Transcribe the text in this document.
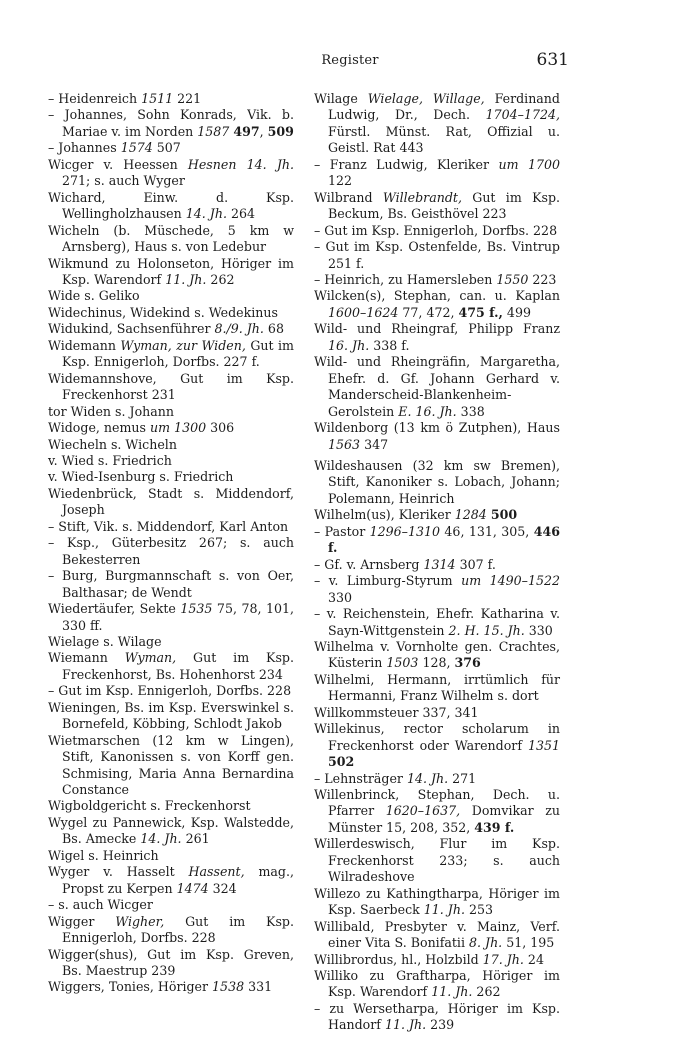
Register	631
– Heidenreich 1511 221
– Johannes, Sohn Konrads, Vik. b. Mariae v. im Norden 1587 497, 509
– Johannes 1574 507
Wicger v. Heessen Hesnen 14. Jh. 271; s. auch Wyger
Wichard, Einw. d. Ksp. Wellingholzhausen 14. Jh. 264
Wicheln (b. Müschede, 5 km w Arnsberg), Haus s. von Ledebur
Wikmund zu Holonseton, Höriger im Ksp. Warendorf 11. Jh. 262
Wide s. Geliko
Widechinus, Widekind s. Wedekinus
Widukind, Sachsenführer 8./9. Jh. 68
Widemann Wyman, zur Widen, Gut im Ksp. Ennigerloh, Dorfbs. 227 f.
Widemannshove, Gut im Ksp. Freckenhorst 231
tor Widen s. Johann
Widoge, nemus um 1300 306
Wiecheln s. Wicheln
v. Wied s. Friedrich
v. Wied-Isenburg s. Friedrich
Wiedenbrück, Stadt s. Middendorf, Joseph
– Stift, Vik. s. Middendorf, Karl Anton
– Ksp., Güterbesitz 267; s. auch Bekesterren
– Burg, Burgmannschaft s. von Oer, Balthasar; de Wendt
Wiedertäufer, Sekte 1535 75, 78, 101, 330 ff.
Wielage s. Wilage
Wiemann Wyman, Gut im Ksp. Freckenhorst, Bs. Hohenhorst 234
– Gut im Ksp. Ennigerloh, Dorfbs. 228
Wieningen, Bs. im Ksp. Everswinkel s. Bornefeld, Köbbing, Schlodt Jakob
Wietmarschen (12 km w Lingen), Stift, Kanonissen s. von Korff gen. Schmising, Maria Anna Bernardina Constance
Wigboldgericht s. Freckenhorst
Wygel zu Pannewick, Ksp. Walstedde, Bs. Amecke 14. Jh. 261
Wigel s. Heinrich
Wyger v. Hasselt Hassent, mag., Propst zu Kerpen 1474 324
– s. auch Wicger
Wigger Wigher, Gut im Ksp. Ennigerloh, Dorfbs. 228
Wigger(shus), Gut im Ksp. Greven, Bs. Maestrup 239
Wiggers, Tonies, Höriger 1538 331
Wilage Wielage, Willage, Ferdinand Ludwig, Dr., Dech. 1704–1724, Fürstl. Münst. Rat, Offizial u. Geistl. Rat 443
– Franz Ludwig, Kleriker um 1700 122
Wilbrand Willebrandt, Gut im Ksp. Beckum, Bs. Geisthövel 223
– Gut im Ksp. Ennigerloh, Dorfbs. 228
– Gut im Ksp. Ostenfelde, Bs. Vintrup 251 f.
– Heinrich, zu Hamersleben 1550 223
Wilcken(s), Stephan, can. u. Kaplan 1600–1624 77, 472, 475 f., 499
Wild- und Rheingraf, Philipp Franz 16. Jh. 338 f.
Wild- und Rheingräfin, Margaretha, Ehefr. d. Gf. Johann Gerhard v. Manderscheid-Blankenheim-Gerolstein E. 16. Jh. 338
Wildenborg (13 km ö Zutphen), Haus 1563 347
Wildeshausen (32 km sw Bremen), Stift, Kanoniker s. Lobach, Johann; Polemann, Heinrich
Wilhelm(us), Kleriker 1284 500
– Pastor 1296–1310 46, 131, 305, 446 f.
– Gf. v. Arnsberg 1314 307 f.
– v. Limburg-Styrum um 1490–1522 330
– v. Reichenstein, Ehefr. Katharina v. Sayn-Wittgenstein 2. H. 15. Jh. 330
Wilhelma v. Vornholte gen. Crachtes, Küsterin 1503 128, 376
Wilhelmi, Hermann, irrtümlich für Hermanni, Franz Wilhelm s. dort
Willkommsteuer 337, 341
Willekinus, rector scholarum in Freckenhorst oder Warendorf 1351 502
– Lehnsträger 14. Jh. 271
Willenbrinck, Stephan, Dech. u. Pfarrer 1620–1637, Domvikar zu Münster 15, 208, 352, 439 f.
Willerdeswisch, Flur im Ksp. Freckenhorst 233; s. auch Wilradeshove
Willezo zu Kathingtharpa, Höriger im Ksp. Saerbeck 11. Jh. 253
Willibald, Presbyter v. Mainz, Verf. einer Vita S. Bonifatii 8. Jh. 51, 195
Willibrordus, hl., Holzbild 17. Jh. 24
Williko zu Graftharpa, Höriger im Ksp. Warendorf 11. Jh. 262
– zu Wersetharpa, Höriger im Ksp. Handorf 11. Jh. 239
